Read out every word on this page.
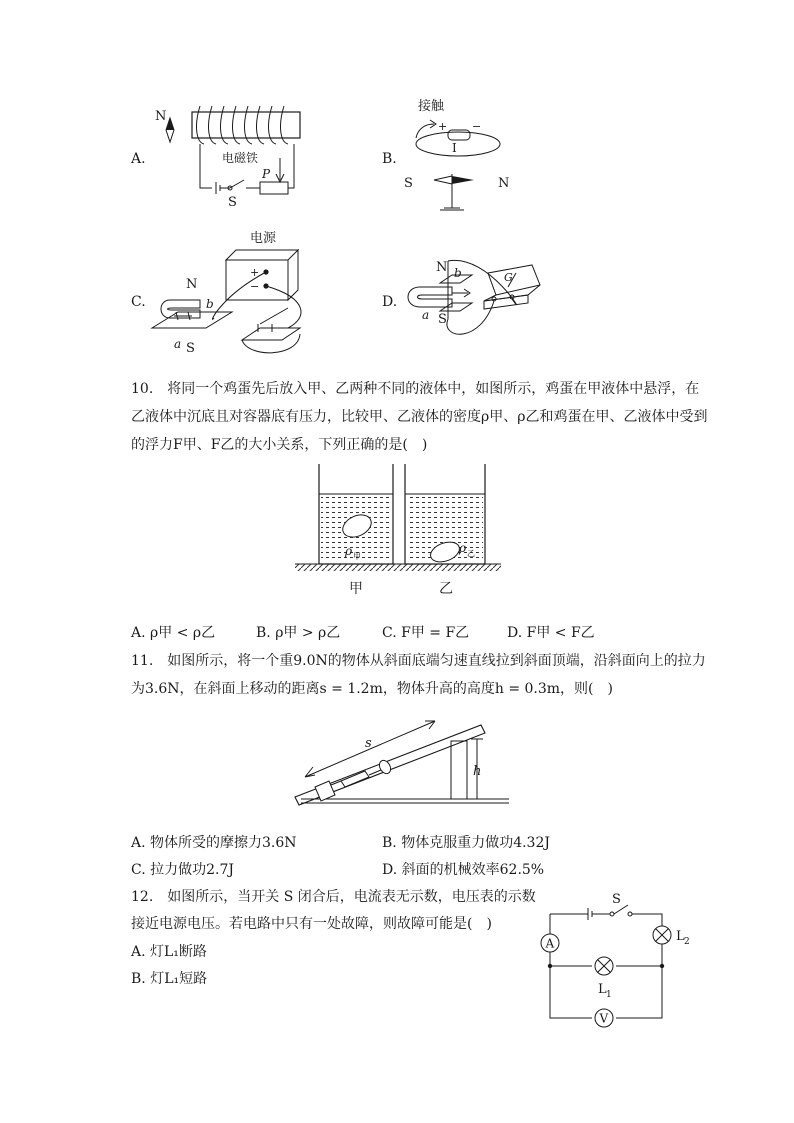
A.
N
电磁铁
P
S
B.
接触
+ −
I
S	N
C.
电源
+
−
N
b
a S
D.
N b
a S
G
10.　将同一个鸡蛋先后放入甲、乙两种不同的液体中，如图所示，鸡蛋在甲液体中悬浮，在
乙液体中沉底且对容器底有压力，比较甲、乙液体的密度ρ甲、ρ乙和鸡蛋在甲、乙液体中受到
的浮力F甲、F乙的大小关系，下列正确的是(　)
ρ 甲
ρ 乙
甲	乙
A. ρ甲 < ρ乙	B. ρ甲 > ρ乙	C. F甲 = F乙	D. F甲 < F乙
11.　如图所示，将一个重9.0N的物体从斜面底端匀速直线拉到斜面顶端，沿斜面向上的拉力
为3.6N，在斜面上移动的距离s = 1.2m，物体升高的高度h = 0.3m，则(　)
h
s
A. 物体所受的摩擦力3.6N	B. 物体克服重力做功4.32J
C. 拉力做功2.7J	D. 斜面的机械效率62.5%
12.　如图所示，当开关 S 闭合后，电流表无示数，电压表的示数
接近电源电压。若电路中只有一处故障，则故障可能是(　)
A. 灯L₁断路
B. 灯L₁短路
S
A	L 2
L 1
V
